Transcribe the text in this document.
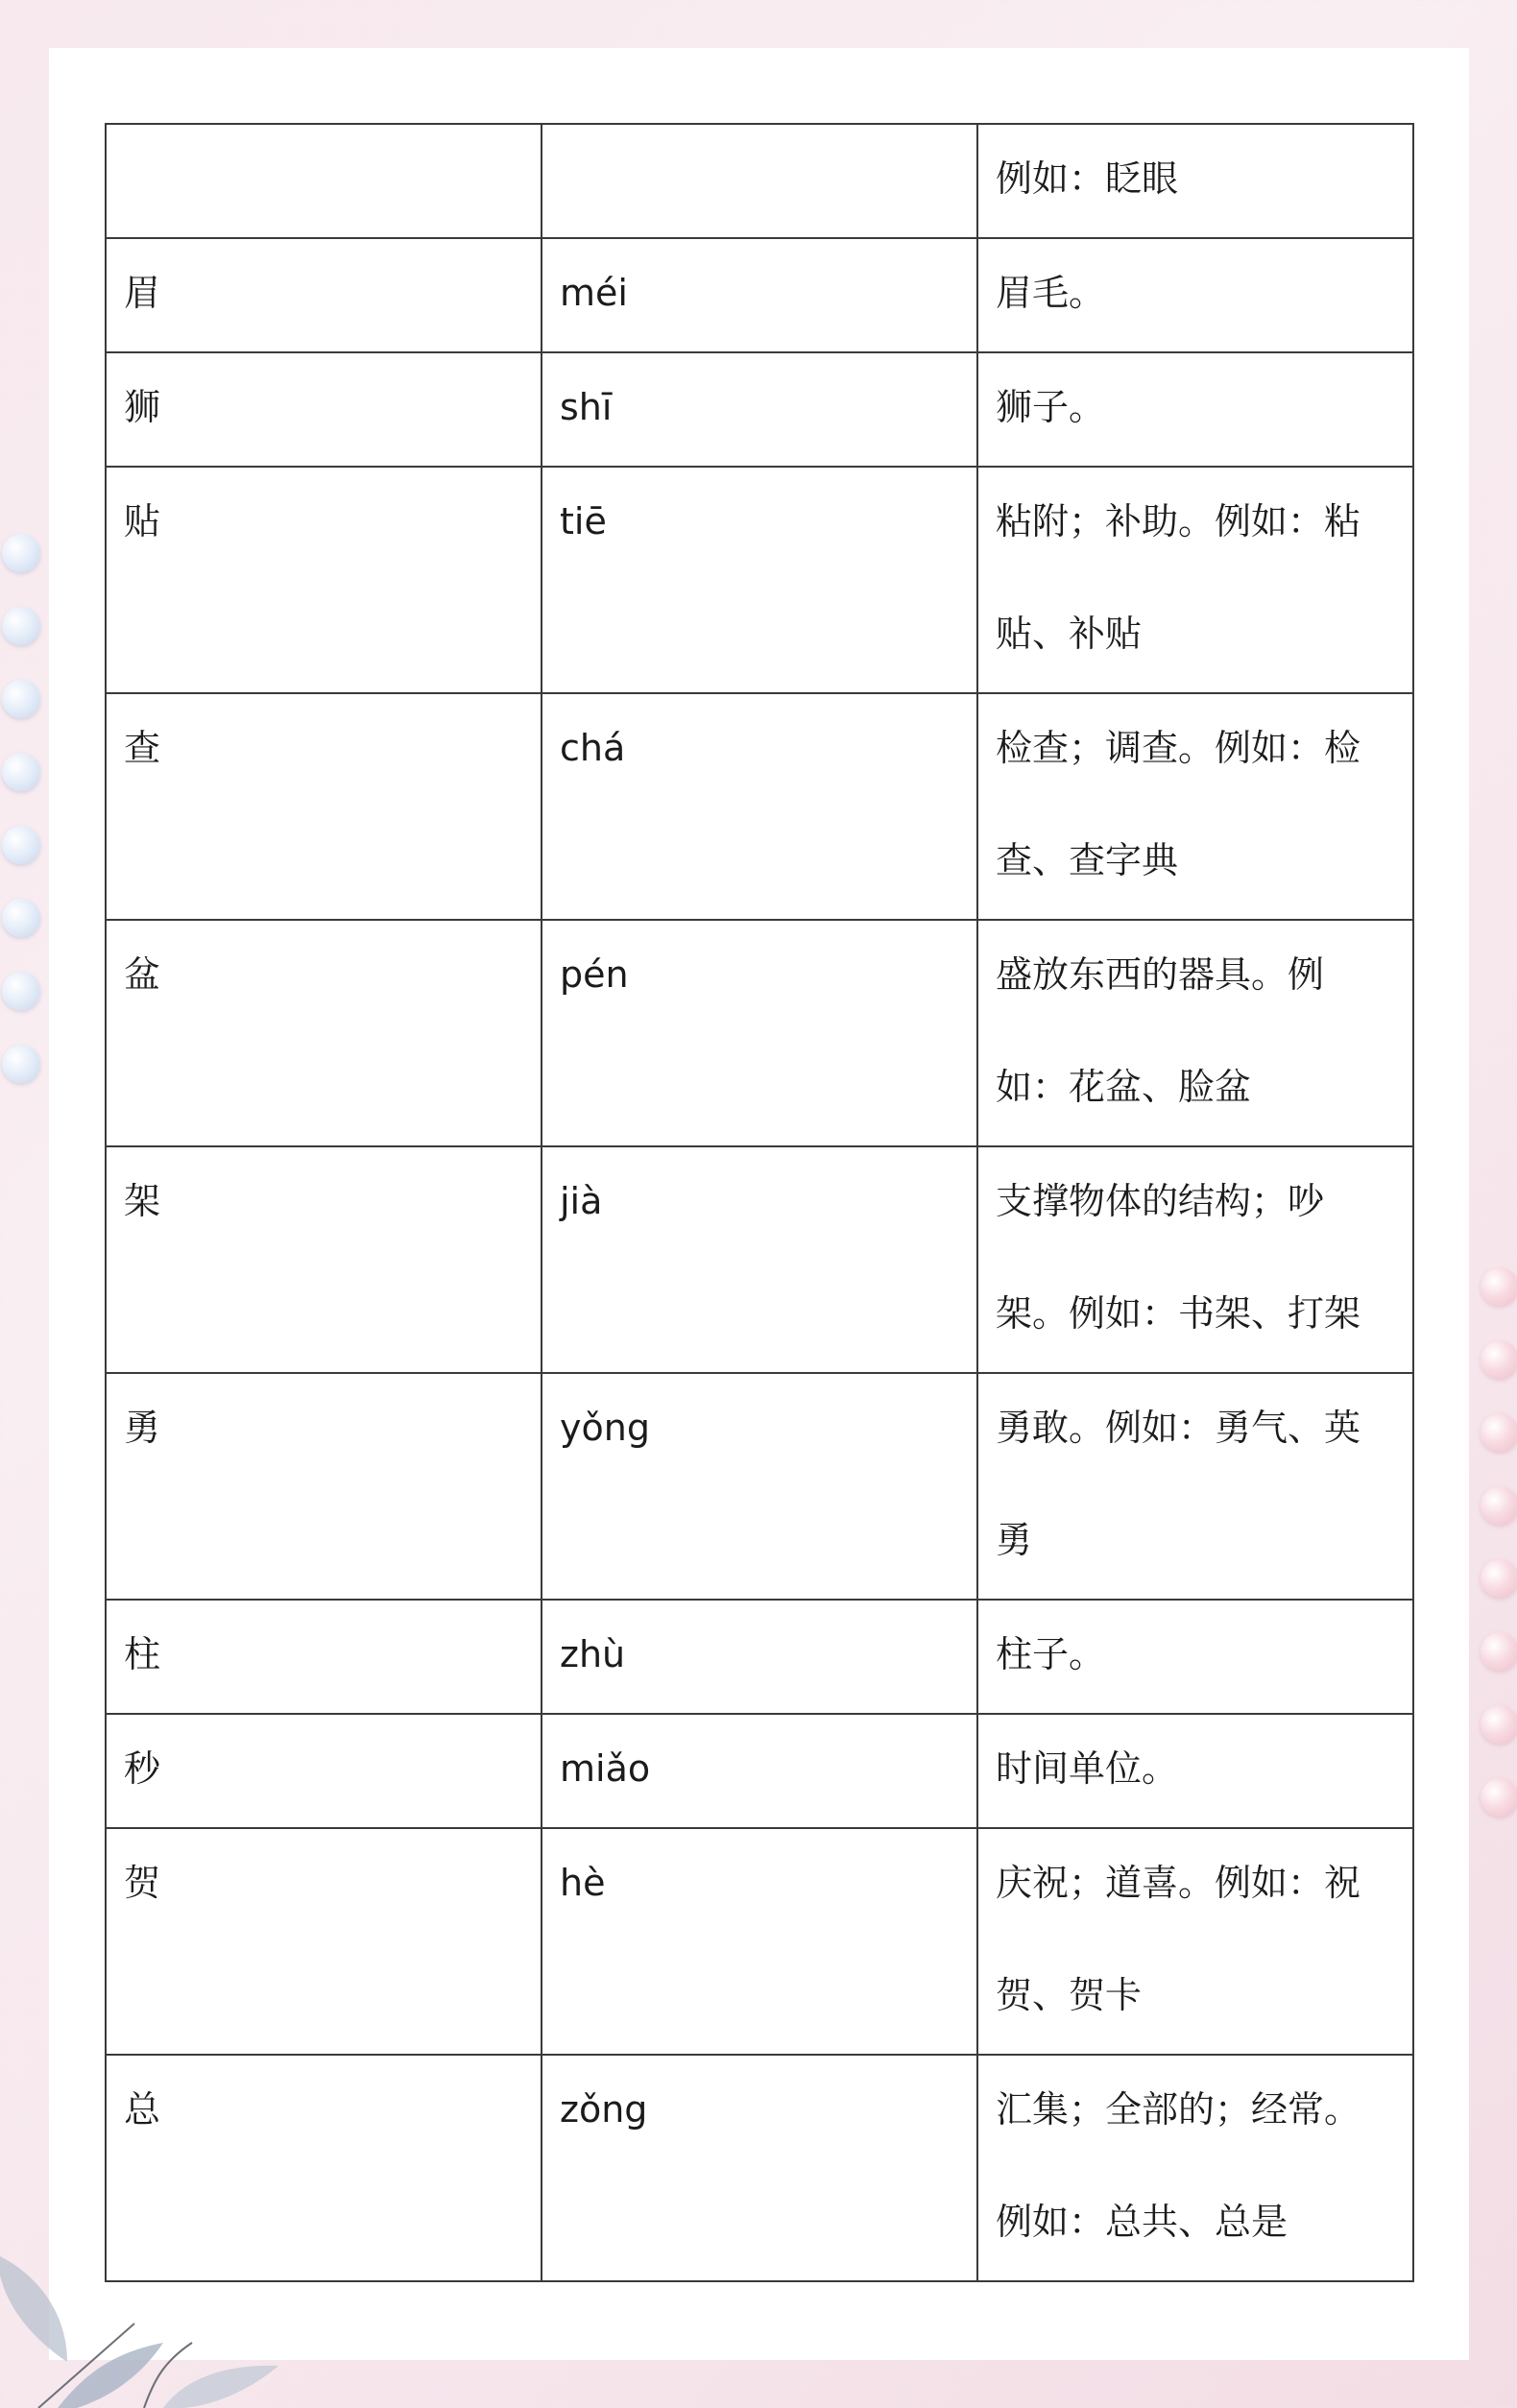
		例如：眨眼

眉	méi	眉毛。

狮	shī	狮子。

贴	tiē	粘附；补助。例如：粘
贴、补贴

查	chá	检查；调查。例如：检
查、查字典

盆	pén	盛放东西的器具。例
如：花盆、脸盆

架	jià	支撑物体的结构；吵
架。例如：书架、打架

勇	yǒng	勇敢。例如：勇气、英
勇

柱	zhù	柱子。

秒	miǎo	时间单位。

贺	hè	庆祝；道喜。例如：祝
贺、贺卡

总	zǒng	汇集；全部的；经常。
例如：总共、总是
